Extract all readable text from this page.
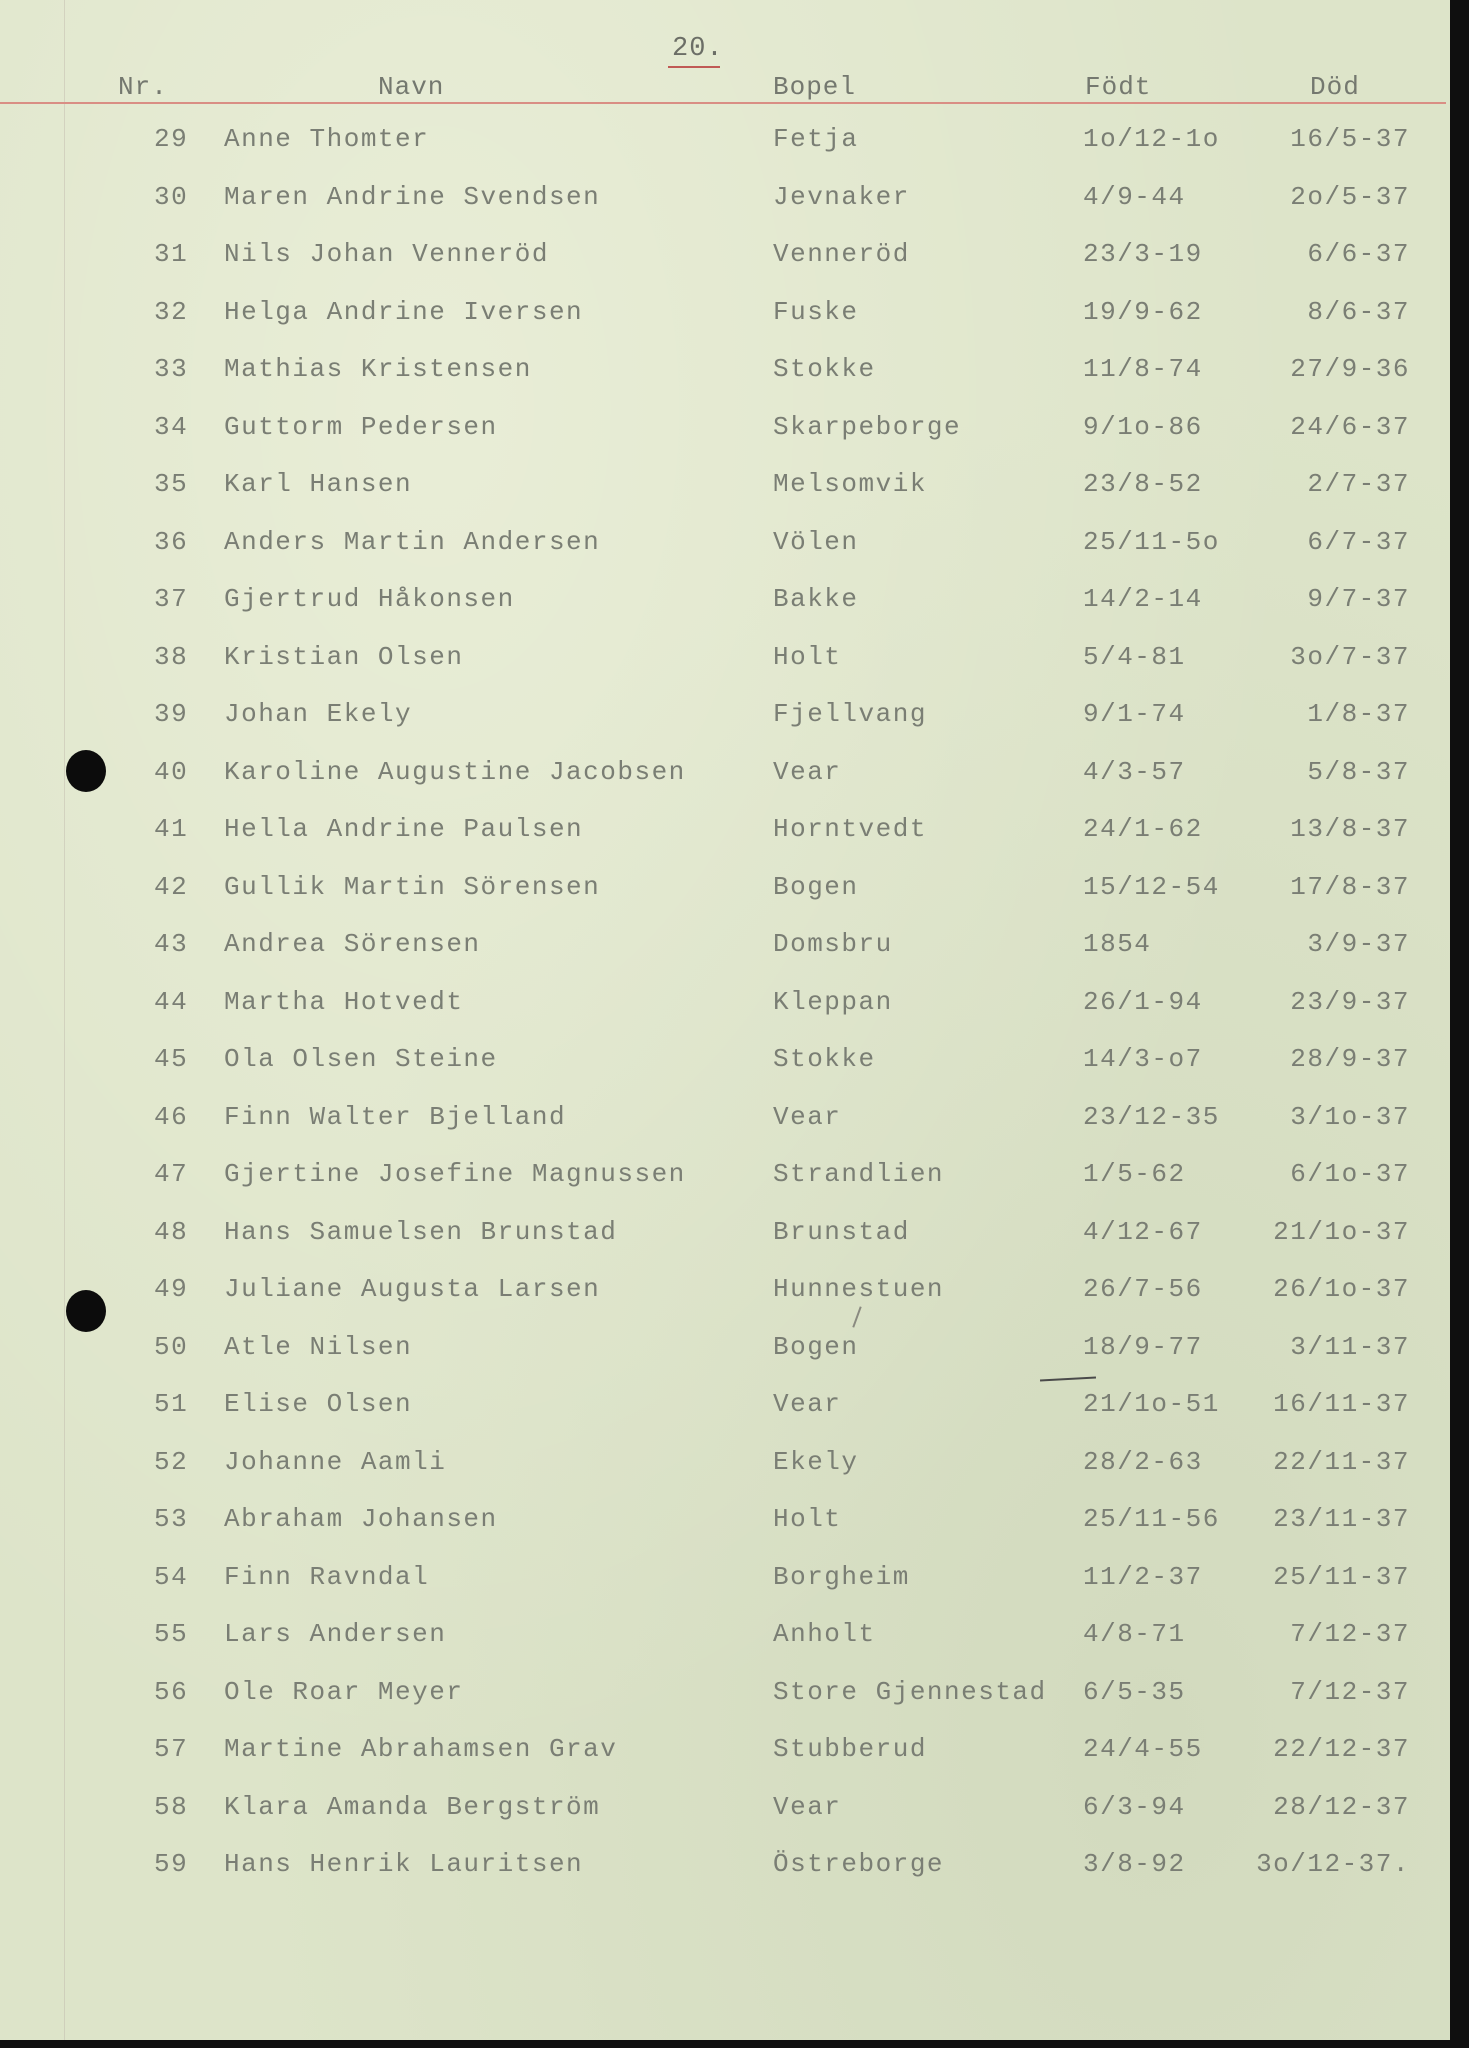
20.
Nr.	Navn	Bopel	Födt	Död
29 Anne Thomter	Fetja	1o/12-1o	16/5-37
30 Maren Andrine Svendsen	Jevnaker	4/9-44	2o/5-37
31 Nils Johan Venneröd	Venneröd	23/3-19	6/6-37
32 Helga Andrine Iversen	Fuske	19/9-62	8/6-37
33 Mathias Kristensen	Stokke	11/8-74	27/9-36
34 Guttorm Pedersen	Skarpeborge	9/1o-86	24/6-37
35 Karl Hansen	Melsomvik	23/8-52	2/7-37
36 Anders Martin Andersen	Völen	25/11-5o	6/7-37
37 Gjertrud Håkonsen	Bakke	14/2-14	9/7-37
38 Kristian Olsen	Holt	5/4-81	3o/7-37
39 Johan Ekely	Fjellvang	9/1-74	1/8-37
40 Karoline Augustine Jacobsen	Vear	4/3-57	5/8-37
41 Hella Andrine Paulsen	Horntvedt	24/1-62	13/8-37
42 Gullik Martin Sörensen	Bogen	15/12-54	17/8-37
43 Andrea Sörensen	Domsbru	1854	3/9-37
44 Martha Hotvedt	Kleppan	26/1-94	23/9-37
45 Ola Olsen Steine	Stokke	14/3-o7	28/9-37
46 Finn Walter Bjelland	Vear	23/12-35	3/1o-37
47 Gjertine Josefine Magnussen	Strandlien	1/5-62	6/1o-37
48 Hans Samuelsen Brunstad	Brunstad	4/12-67	21/1o-37
49 Juliane Augusta Larsen	Hunnestuen	26/7-56	26/1o-37
50 Atle Nilsen	Bogen	18/9-77	3/11-37
51 Elise Olsen	Vear	21/1o-51 16/11-37
52 Johanne Aamli	Ekely	28/2-63	22/11-37
53 Abraham Johansen	Holt	25/11-56 23/11-37
54 Finn Ravndal	Borgheim	11/2-37	25/11-37
55 Lars Andersen	Anholt	4/8-71	7/12-37
56 Ole Roar Meyer	Store Gjennestad 6/5-35	7/12-37
57 Martine Abrahamsen Grav	Stubberud	24/4-55	22/12-37
58 Klara Amanda Bergström	Vear	6/3-94	28/12-37
59 Hans Henrik Lauritsen	Östreborge	3/8-92	3o/12-37.
